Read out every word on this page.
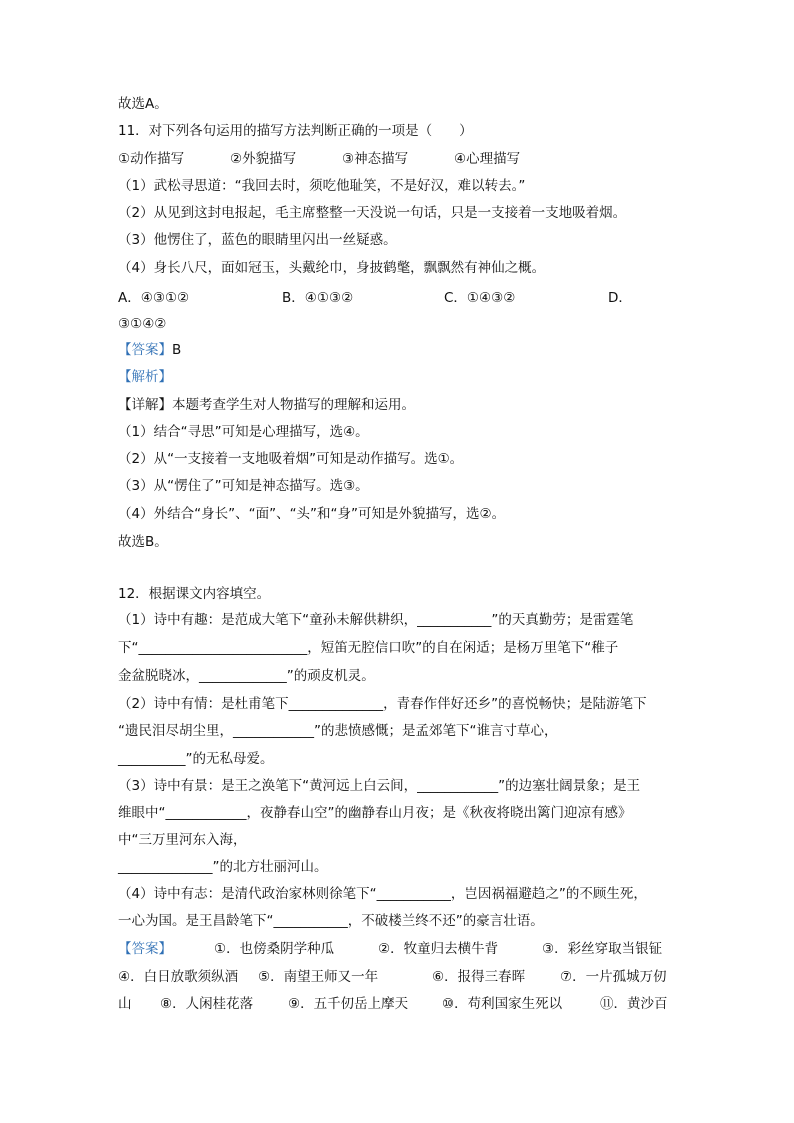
故选A。
11．对下列各句运用的描写方法判断正确的一项是（　　）
①动作描写	②外貌描写	③神态描写	④心理描写
（1）武松寻思道：“我回去时，须吃他耻笑，不是好汉，难以转去。”
（2）从见到这封电报起，毛主席整整一天没说一句话，只是一支接着一支地吸着烟。
（3）他愣住了，蓝色的眼睛里闪出一丝疑惑。
（4）身长八尺，面如冠玉，头戴纶巾，身披鹤氅，飘飘然有神仙之概。
A．④③①②	B．④①③②	C．①④③②	D．
③①④②
【答案】B
【解析】
【详解】本题考查学生对人物描写的理解和运用。
（1）结合“寻思”可知是心理描写，选④。
（2）从“一支接着一支地吸着烟”可知是动作描写。选①。
（3）从“愣住了”可知是神态描写。选③。
（4）外结合“身长”、“面”、“头”和“身”可知是外貌描写，选②。
故选B。
12．根据课文内容填空。
（1）诗中有趣：是范成大笔下“童孙未解供耕织，___________”的天真勤劳；是雷霆笔
下“_________________________，短笛无腔信口吹”的自在闲适；是杨万里笔下“稚子
金盆脱晓冰，_____________”的顽皮机灵。
（2）诗中有情：是杜甫笔下______________，青春作伴好还乡”的喜悦畅快；是陆游笔下
“遗民泪尽胡尘里，____________”的悲愤感慨；是孟郊笔下“谁言寸草心，
__________”的无私母爱。
（3）诗中有景：是王之涣笔下“黄河远上白云间，____________”的边塞壮阔景象；是王
维眼中“____________，夜静春山空”的幽静春山月夜；是《秋夜将晓出篱门迎凉有感》
中“三万里河东入海，
______________”的北方壮丽河山。
（4）诗中有志：是清代政治家林则徐笔下“___________，岂因祸福避趋之”的不顾生死，
一心为国。是王昌龄笔下“___________，不破楼兰终不还”的豪言壮语。
【答案】	①．也傍桑阴学种瓜	②．牧童归去横牛背	③．彩丝穿取当银钲
④．白日放歌须纵酒 ⑤．南望王师又一年	⑥．报得三春晖	⑦．一片孤城万仞
山 ⑧．人闲桂花落	⑨．五千仞岳上摩天	⑩．苟利国家生死以	⑪．黄沙百
